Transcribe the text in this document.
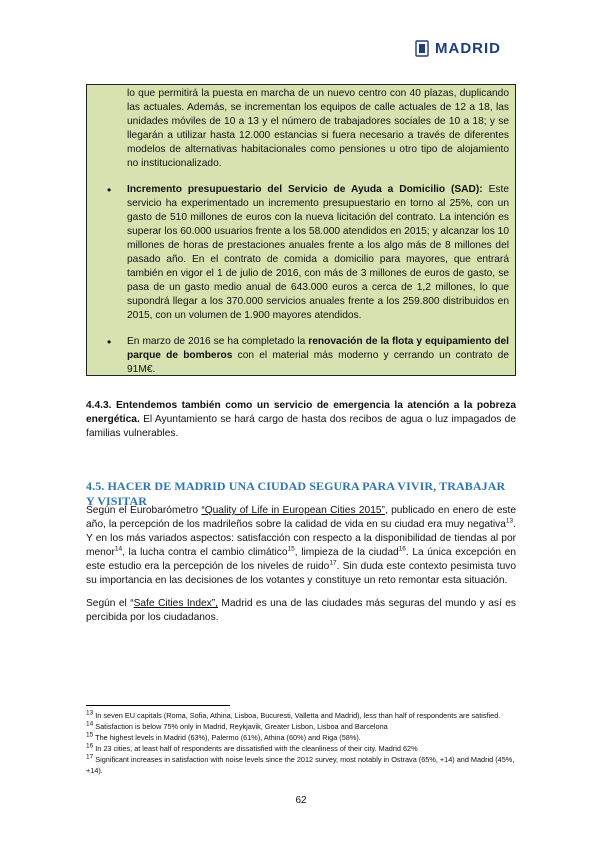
MADRID

lo que permitirá la puesta en marcha de un nuevo centro con 40 plazas, duplicando las actuales. Además, se incrementan los equipos de calle actuales de 12 a 18, las unidades móviles de 10 a 13 y el número de trabajadores sociales de 10 a 18; y se llegarán a utilizar hasta 12.000 estancias si fuera necesario a través de diferentes modelos de alternativas habitacionales como pensiones u otro tipo de alojamiento no institucionalizado.

•	Incremento presupuestario del Servicio de Ayuda a Domicilio (SAD): Este servicio ha experimentado un incremento presupuestario en torno al 25%, con un gasto de 510 millones de euros con la nueva licitación del contrato. La intención es superar los 60.000 usuarios frente a los 58.000 atendidos en 2015; y alcanzar los 10 millones de horas de prestaciones anuales frente a los algo más de 8 millones del pasado año. En el contrato de comida a domicilio para mayores, que entrará también en vigor el 1 de julio de 2016, con más de 3 millones de euros de gasto, se pasa de un gasto medio anual de 643.000 euros a cerca de 1,2 millones, lo que supondrá llegar a los 370.000 servicios anuales frente a los 259.800 distribuidos en 2015, con un volumen de 1.900 mayores atendidos.
•	En marzo de 2016 se ha completado la renovación de la flota y equipamiento del parque de bomberos con el material más moderno y cerrando un contrato de 91M€.

4.4.3. Entendemos también como un servicio de emergencia la atención a la pobreza energética. El Ayuntamiento se hará cargo de hasta dos recibos de agua o luz impagados de familias vulnerables.

4.5. HACER DE MADRID UNA CIUDAD SEGURA PARA VIVIR, TRABAJAR Y VISITAR

Según el Eurobarómetro “Quality of Life in European Cities 2015”, publicado en enero de este año, la percepción de los madrileños sobre la calidad de vida en su ciudad era muy negativa$^{13}$. Y en los más variados aspectos: satisfacción con respecto a la disponibilidad de tiendas al por menor$^{14}$, la lucha contra el cambio climático$^{15}$, limpieza de la ciudad$^{16}$. La única excepción en este estudio era la percepción de los niveles de ruido$^{17}$. Sin duda este contexto pesimista tuvo su importancia en las decisiones de los votantes y constituye un reto remontar esta situación.

Según el “Safe Cities Index”, Madrid es una de las ciudades más seguras del mundo y así es percibida por los ciudadanos.

$^{13}$ In seven EU capitals (Roma, Sofia, Athina, Lisboa, Bucuresti, Valletta and Madrid), less than half of respondents are satisfied.
$^{14}$ Satisfaction is below 75% only in Madrid, Reykjavik, Greater Lisbon, Lisboa and Barcelona
$^{15}$ The highest levels in Madrid (63%), Palermo (61%), Athina (60%) and Riga (58%).
$^{16}$ In 23 cities, at least half of respondents are dissatisfied with the cleanliness of their city. Madrid 62%
$^{17}$ Significant increases in satisfaction with noise levels since the 2012 survey, most notably in Ostrava (65%, +14) and Madrid (45%, +14).
62
